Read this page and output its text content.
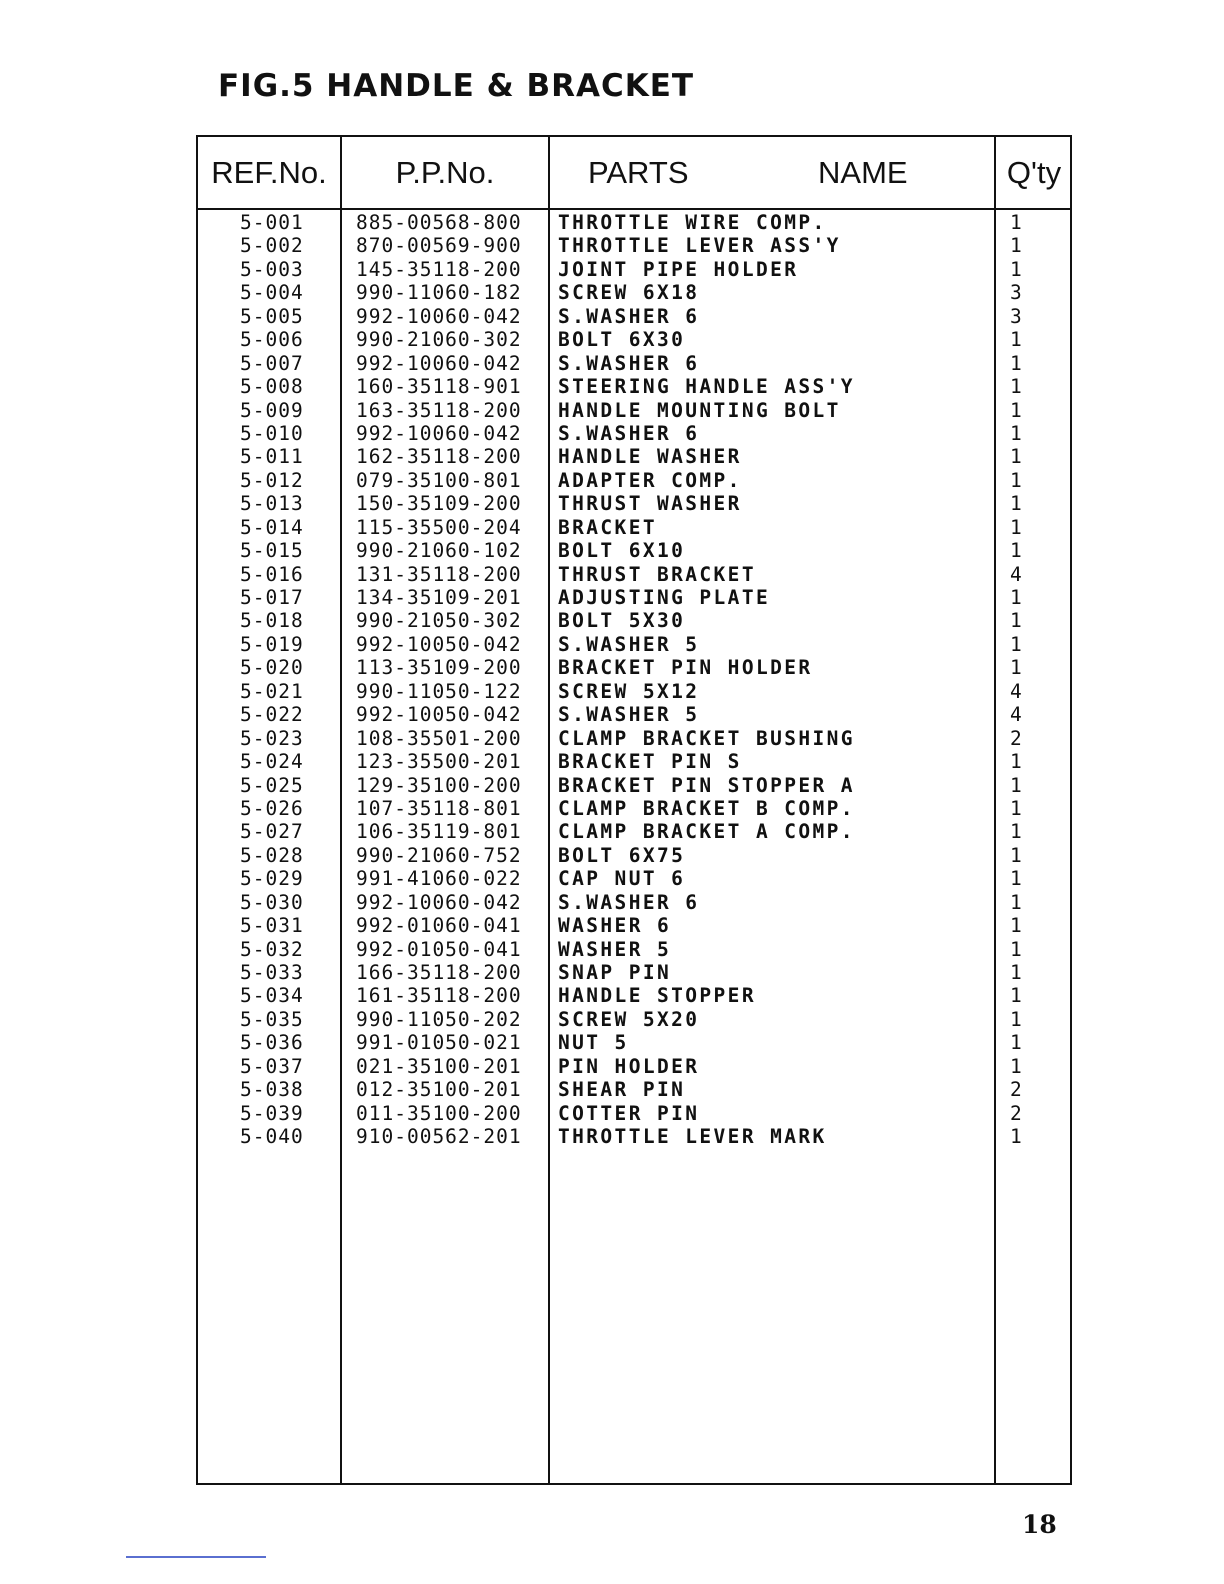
FIG.5 HANDLE & BRACKET
REF.No.	P.P.No.	PARTS	NAME	Q'ty
5-001	885-00568-800 THROTTLE WIRE COMP.	1
5-002	870-00569-900 THROTTLE LEVER ASS'Y	1
5-003	145-35118-200 JOINT PIPE HOLDER	1
5-004	990-11060-182 SCREW 6X18	3
5-005	992-10060-042 S.WASHER 6	3
5-006	990-21060-302 BOLT 6X30	1
5-007	992-10060-042 S.WASHER 6	1
5-008	160-35118-901 STEERING HANDLE ASS'Y	1
5-009	163-35118-200 HANDLE MOUNTING BOLT	1
5-010	992-10060-042 S.WASHER 6	1
5-011	162-35118-200 HANDLE WASHER	1
5-012	079-35100-801 ADAPTER COMP.	1
5-013	150-35109-200 THRUST WASHER	1
5-014	115-35500-204 BRACKET	1
5-015	990-21060-102 BOLT 6X10	1
5-016	131-35118-200 THRUST BRACKET	4
5-017	134-35109-201 ADJUSTING PLATE	1
5-018	990-21050-302 BOLT 5X30	1
5-019	992-10050-042 S.WASHER 5	1
5-020	113-35109-200 BRACKET PIN HOLDER	1
5-021	990-11050-122 SCREW 5X12	4
5-022	992-10050-042 S.WASHER 5	4
5-023	108-35501-200 CLAMP BRACKET BUSHING	2
5-024	123-35500-201 BRACKET PIN S	1
5-025	129-35100-200 BRACKET PIN STOPPER A	1
5-026	107-35118-801 CLAMP BRACKET B COMP.	1
5-027	106-35119-801 CLAMP BRACKET A COMP.	1
5-028	990-21060-752 BOLT 6X75	1
5-029	991-41060-022 CAP NUT 6	1
5-030	992-10060-042 S.WASHER 6	1
5-031	992-01060-041 WASHER 6	1
5-032	992-01050-041 WASHER 5	1
5-033	166-35118-200 SNAP PIN	1
5-034	161-35118-200 HANDLE STOPPER	1
5-035	990-11050-202 SCREW 5X20	1
5-036	991-01050-021 NUT 5	1
5-037	021-35100-201 PIN HOLDER	1
5-038	012-35100-201 SHEAR PIN	2
5-039	011-35100-200 COTTER PIN	2
5-040	910-00562-201 THROTTLE LEVER MARK	1
18
